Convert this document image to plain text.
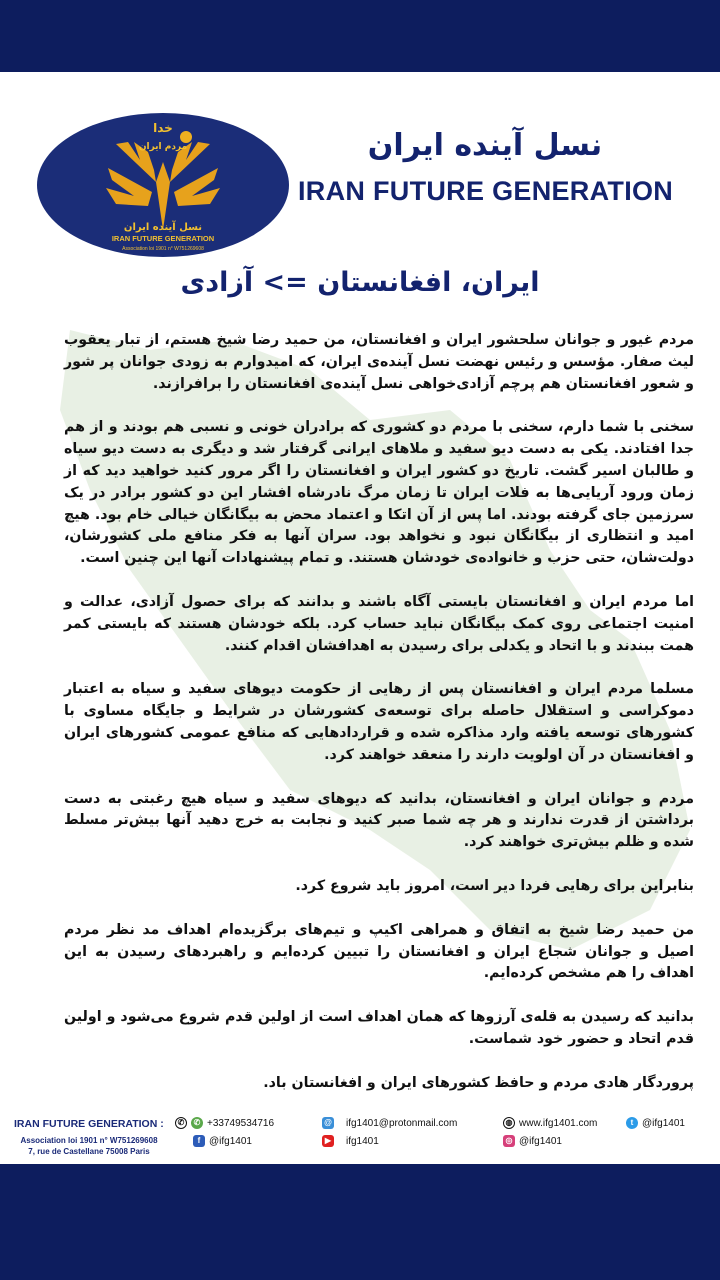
خدا
مردم ایران
نسل آینده ایران
IRAN FUTURE GENERATION
Association loi 1901 n° W751269608
نسل آینده ایران
IRAN FUTURE GENERATION
ایران، افغانستان => آزادی

مردم غیور و جوانان سلحشور ایران و افغانستان، من حمید رضا شیخ هستم، از تبار یعقوب لیث صفار. مؤسس و رئیس نهضت نسل آینده‌ی ایران، که امیدوارم به زودی جوانان پر شور و شعور افغانستان هم پرچم آزادی‌خواهی نسل آینده‌ی افغانستان را برافرازند.

سخنی با شما دارم، سخنی با مردم دو کشوری که برادران خونی و نسبی هم بودند و از هم جدا افتادند. یکی به دست دیو سفید و ملاهای ایرانی گرفتار شد و دیگری به دست دیو سیاه و طالبان اسیر گشت. تاریخ دو کشور ایران و افغانستان را اگر مرور کنید خواهید دید که از زمان ورود آریایی‌ها به فلات ایران تا زمان مرگ نادرشاه افشار این دو کشور برادر در یک سرزمین جای گرفته بودند. اما پس از آن اتکا و اعتماد محض به بیگانگان خیالی خام بود. هیچ امید و انتظاری از بیگانگان نبود و نخواهد بود. سران آنها به فکر منافع ملی کشورشان، دولت‌شان، حتی حزب و خانواده‌ی خودشان هستند. و تمام پیشنهادات آنها این چنین است.

اما مردم ایران و افغانستان بایستی آگاه باشند و بدانند که برای حصول آزادی، عدالت و امنیت اجتماعی روی کمک بیگانگان نباید حساب کرد. بلکه خودشان هستند که بایستی کمر همت ببندند و با اتحاد و یکدلی برای رسیدن به اهدافشان اقدام کنند.

مسلما مردم ایران و افغانستان پس از رهایی از حکومت دیوهای سفید و سیاه به اعتبار دموکراسی و استقلال حاصله برای توسعه‌ی کشورشان در شرایط و جایگاه مساوی با کشورهای توسعه یافته وارد مذاکره شده و قراردادهایی که منافع عمومی کشورهای ایران و افغانستان در آن اولویت دارند را منعقد خواهند کرد.

مردم و جوانان ایران و افغانستان، بدانید که دیوهای سفید و سیاه هیچ رغبتی به دست برداشتن از قدرت ندارند و هر چه شما صبر کنید و نجابت به خرج دهید آنها بیش‌تر مسلط شده و ظلم بیش‌تری خواهند کرد.

بنابراین برای رهایی فردا دیر است، امروز باید شروع کرد.

من حمید رضا شیخ به اتفاق و همراهی اکیپ و تیم‌های برگزیده‌ام اهداف مد نظر مردم اصیل و جوانان شجاع ایران و افغانستان را تبیین کرده‌ایم و راهبردهای رسیدن به این اهداف را هم مشخص کرده‌ایم.

بدانید که رسیدن به قله‌ی آرزوها که همان اهداف است از اولین قدم شروع می‌شود و اولین قدم اتحاد و حضور خود شماست.

پروردگار هادی مردم و حافظ کشورهای ایران و افغانستان باد.

IRAN FUTURE GENERATION :
Association loi 1901 n° W751269608
7, rue de Castellane 75008 Paris
✆	✆ +33749534716
f @ifg1401
@ ifg1401@protonmail.com
▶ ifg1401
◍ www.ifg1401.com
◎ @ifg1401
t @ifg1401
